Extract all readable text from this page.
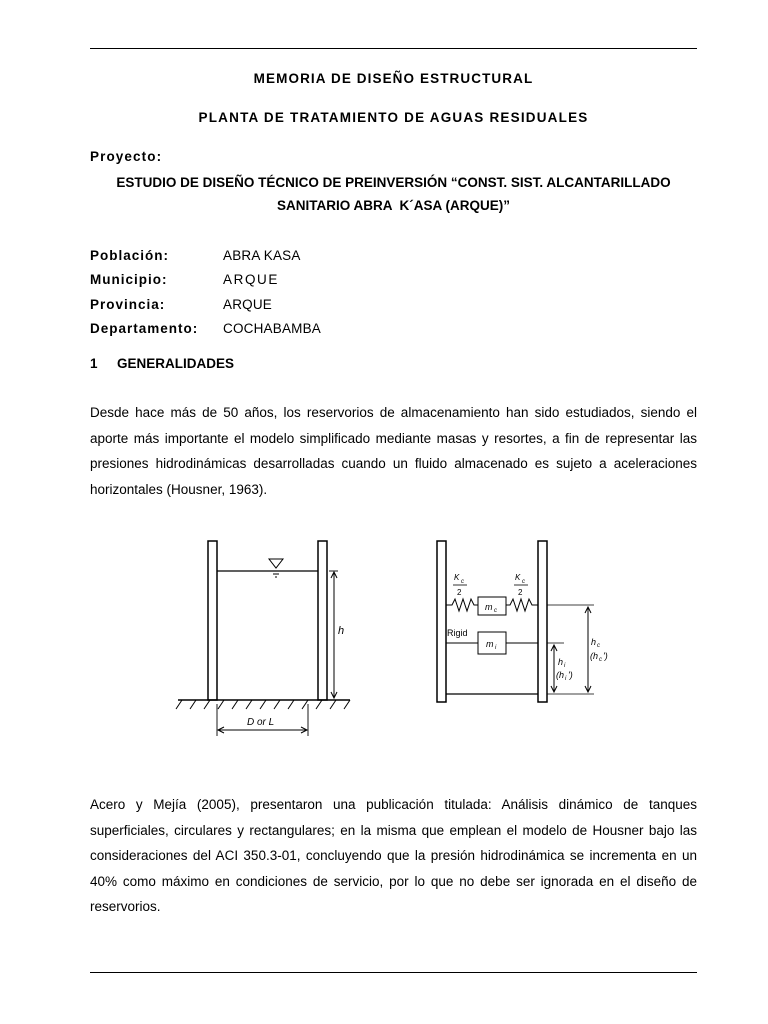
MEMORIA DE DISEÑO ESTRUCTURAL
PLANTA DE TRATAMIENTO DE AGUAS RESIDUALES
Proyecto:
ESTUDIO DE DISEÑO TÉCNICO DE PREINVERSIÓN “CONST. SIST. ALCANTARILLADO
SANITARIO ABRA  K´ASA (ARQUE)”
Población:	ABRA KASA
Municipio:	ARQUE
Provincia:	ARQUE
Departamento:	COCHABAMBA
1	GENERALIDADES
Desde hace más de 50 años, los reservorios de almacenamiento han sido estudiados, siendo el aporte más importante el modelo simplificado mediante masas y resortes, a fin de representar las presiones hidrodinámicas desarrolladas cuando un fluido almacenado es sujeto a aceleraciones horizontales (Housner, 1963).
h
D or L
K c
2
K c
2
m c
Rigid
m i
h c
(h c ')
h i
(h i ')
Acero y Mejía (2005), presentaron una publicación titulada: Análisis dinámico de tanques superficiales, circulares y rectangulares; en la misma que emplean el modelo de Housner bajo las consideraciones del ACI 350.3-01, concluyendo que la presión hidrodinámica se incrementa en un 40% como máximo en condiciones de servicio, por lo que no debe ser ignorada en el diseño de reservorios.
